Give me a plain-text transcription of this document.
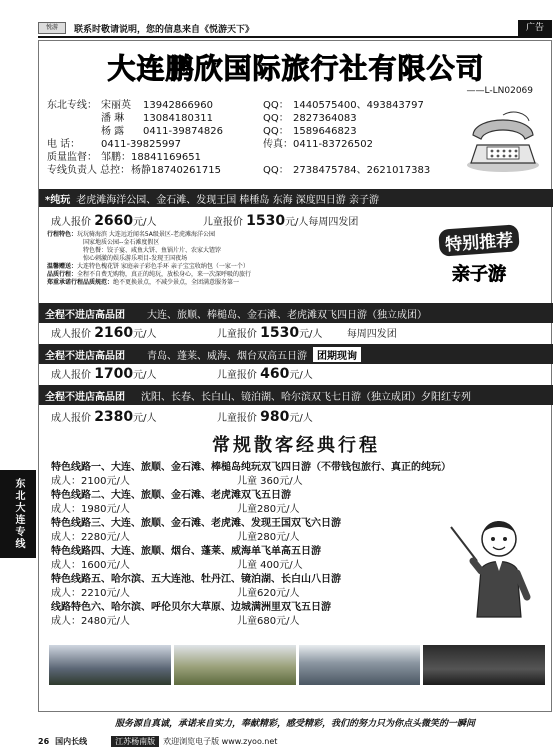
悦游	联系时敬请说明，您的信息来自《悦游天下》	广告
东北大连专线
大连鹏欣国际旅行社有限公司
——L-LN02069
东北专线： 宋丽英	13942866960	QQ： 1440575400、493843797
潘 琳	13084180311	QQ： 2827364083
杨 露	0411-39874826	QQ： 1589646823
电 话：	0411-39825997	传真： 0411-83726502
质量监督： 邹鹏：18841169651
专线负责人 总控： 杨静18740261715	QQ： 2738475784、2621017383
*纯玩 老虎滩海洋公园、金石滩、发现王国 棒棰岛 东海 深度四日游 亲子游
成人报价 2660元/人	儿童报价 1530元/人每周四发团
行程特色：玩玩骑海滨 大连远近闻名5A级景区-老虎滩海洋公园
国家地质公园--金石滩度假区
特色餐：饺子宴、咸鱼大饼、鱼锅片片、农家大馇饽
惊心刺激的娱乐游乐项目-发现王国夜场
温馨赠送：大连特色槐花饼 家庭亲子彩色手环 亲子宝宝收纳包（一家一个）
品质行程：全程不自费无购物，真正的纯玩，放松身心，来一次深呼吸的旅行
郑重承诺行程品质规范：绝不更换景点，不减少景点，全团满意服务第一
特别推荐
亲子游
全程不进店高品团 大连、旅顺、棒槌岛、金石滩、老虎滩双飞四日游（独立成团）
成人报价 2160元/人	儿童报价 1530元/人 每周四发团
全程不进店高品团 青岛、蓬莱、威海、烟台双高五日游	团期现询
成人报价 1700元/人	儿童报价 460元/人
全程不进店高品团 沈阳、长春、长白山、镜泊湖、哈尔滨双飞七日游（独立成团）夕阳红专列
成人报价 2380元/人	儿童报价 980元/人
常规散客经典行程
特色线路一、大连、旅顺、金石滩、棒槌岛纯玩双飞四日游（不带钱包旅行、真正的纯玩）
成人：2100元/人	儿童 360元/人
特色线路二、大连、旅顺、金石滩、老虎滩双飞五日游
成人：1980元/人	儿童280元/人
特色线路三、大连、旅顺、金石滩、老虎滩、发现王国双飞六日游
成人：2280元/人	儿童280元/人
特色线路四、大连、旅顺、烟台、蓬莱、威海单飞单高五日游
成人：1600元/人	儿童 400元/人
特色线路五、哈尔滨、五大连池、牡丹江、镜泊湖、长白山八日游
成人：2210元/人	儿童620元/人
线路特色六、哈尔滨、呼伦贝尔大草原、边城满洲里双飞五日游
成人：2480元/人	儿童680元/人
服务源自真诚，承诺来自实力，奉献精彩，感受精彩，我们的努力只为你点头微笑的一瞬间
26 国内长线	江苏杨南版	欢迎浏览电子版 www.zyoo.net
